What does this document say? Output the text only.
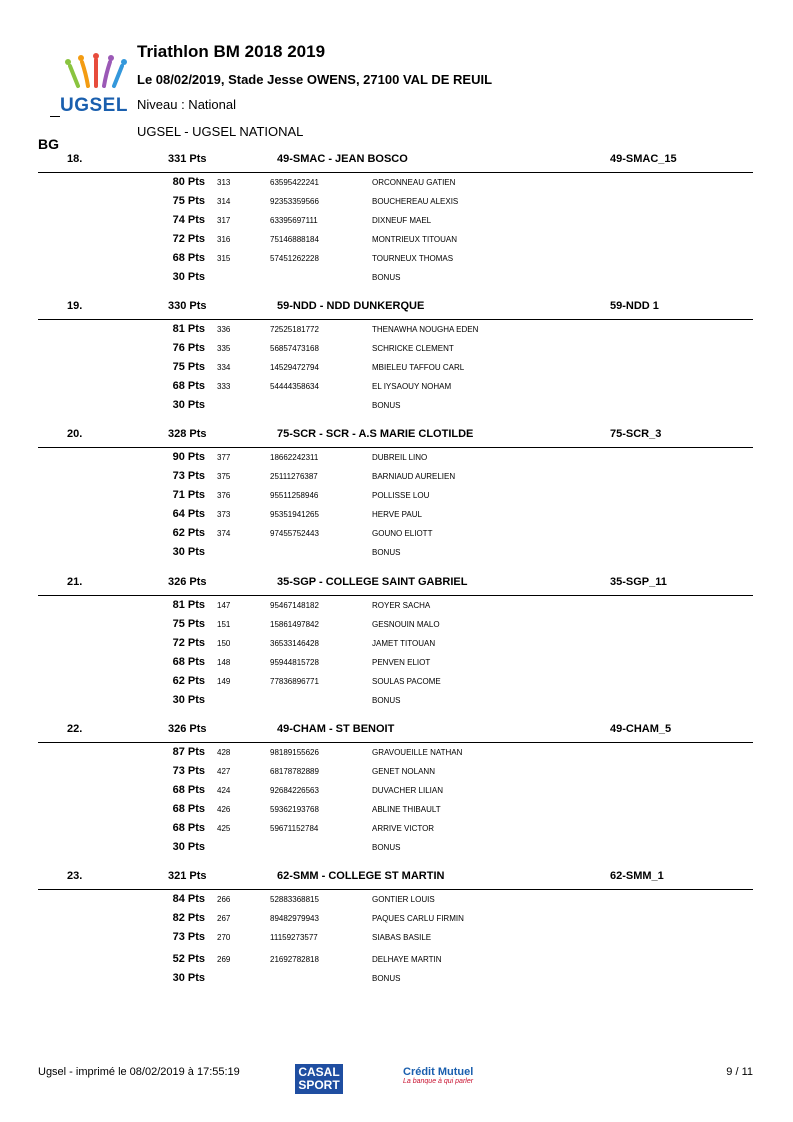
UGSEL
Triathlon BM 2018 2019
Le 08/02/2019, Stade Jesse OWENS, 27100 VAL DE REUIL
Niveau : National
UGSEL - UGSEL NATIONAL
BG
18.	331 Pts	49-SMAC - JEAN BOSCO	49-SMAC_15
80 Pts 313	63595422241	ORCONNEAU GATIEN
75 Pts 314	92353359566	BOUCHEREAU ALEXIS
74 Pts 317	63395697111	DIXNEUF MAEL
72 Pts 316	75146888184	MONTRIEUX TITOUAN
68 Pts 315	57451262228	TOURNEUX THOMAS
30 Pts	BONUS
19.	330 Pts	59-NDD - NDD DUNKERQUE	59-NDD 1
81 Pts 336	72525181772	THENAWHA NOUGHA EDEN
76 Pts 335	56857473168	SCHRICKE CLEMENT
75 Pts 334	14529472794	MBIELEU TAFFOU CARL
68 Pts 333	54444358634	EL IYSAOUY NOHAM
30 Pts	BONUS
20.	328 Pts	75-SCR - SCR - A.S MARIE CLOTILDE	75-SCR_3
90 Pts 377	18662242311	DUBREIL LINO
73 Pts 375	25111276387	BARNIAUD AURELIEN
71 Pts 376	95511258946	POLLISSE LOU
64 Pts 373	95351941265	HERVE PAUL
62 Pts 374	97455752443	GOUNO ELIOTT
30 Pts	BONUS
21.	326 Pts	35-SGP - COLLEGE SAINT GABRIEL	35-SGP_11
81 Pts 147	95467148182	ROYER SACHA
75 Pts 151	15861497842	GESNOUIN MALO
72 Pts 150	36533146428	JAMET TITOUAN
68 Pts 148	95944815728	PENVEN ELIOT
62 Pts 149	77836896771	SOULAS PACOME
30 Pts	BONUS
22.	326 Pts	49-CHAM - ST BENOIT	49-CHAM_5
87 Pts 428	98189155626	GRAVOUEILLE NATHAN
73 Pts 427	68178782889	GENET NOLANN
68 Pts 424	92684226563	DUVACHER LILIAN
68 Pts 426	59362193768	ABLINE THIBAULT
68 Pts 425	59671152784	ARRIVE VICTOR
30 Pts	BONUS
23.	321 Pts	62-SMM - COLLEGE ST MARTIN	62-SMM_1
84 Pts 266	52883368815	GONTIER LOUIS
82 Pts 267	89482979943	PAQUES CARLU FIRMIN
73 Pts 270	11159273577	SIABAS BASILE
52 Pts 269	21692782818	DELHAYE MARTIN
30 Pts	BONUS
Ugsel - imprimé le 08/02/2019 à 17:55:19	CASAL
SPORT
Crédit Mutuel
La banque à qui parler
9 / 11
